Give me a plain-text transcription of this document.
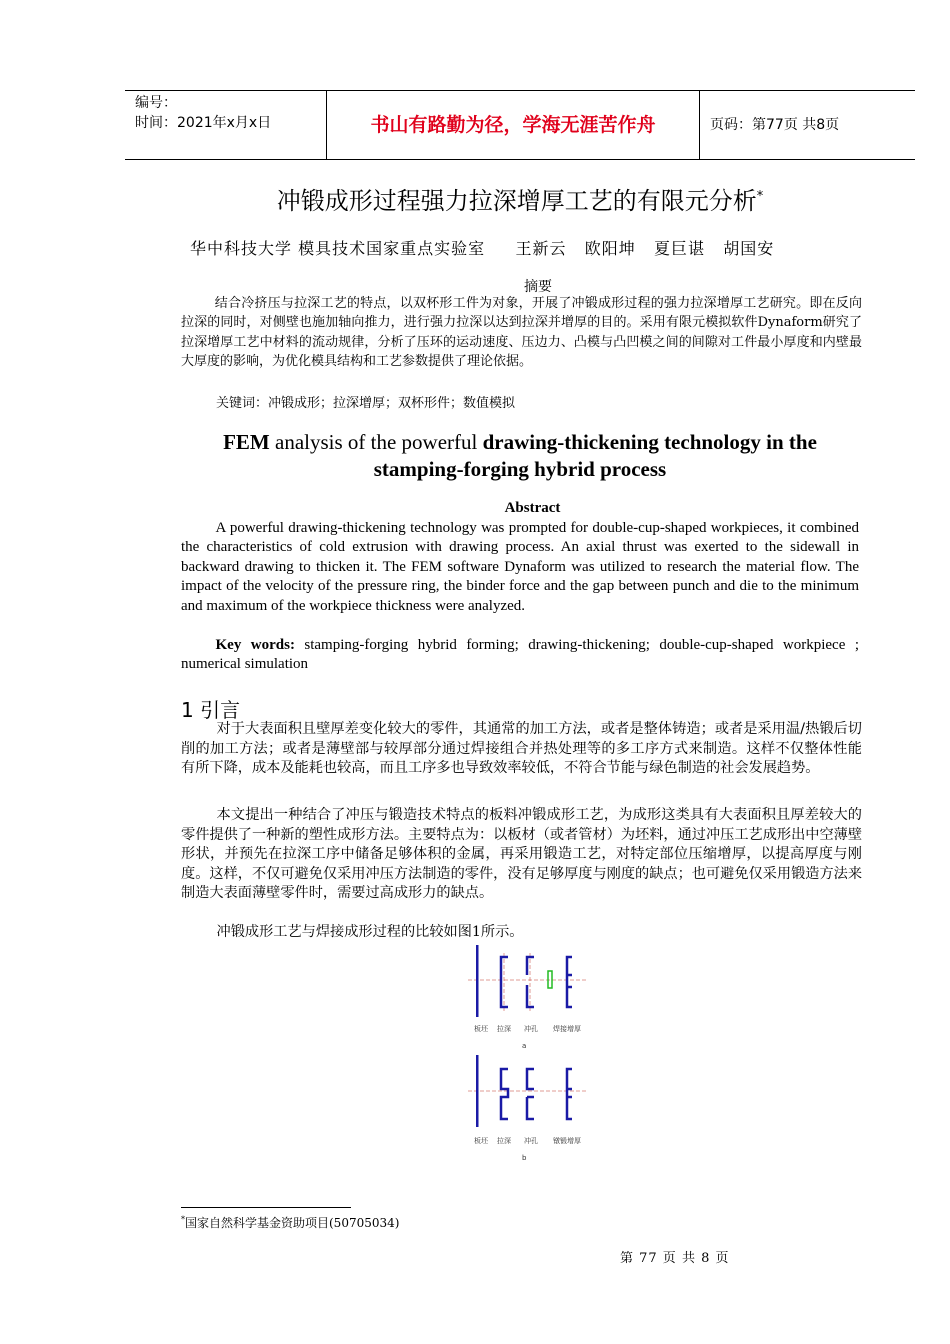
编号：
时间：2021年x月x日	书山有路勤为径，学海无涯苦作舟	页码：第77页 共8页
冲锻成形过程强力拉深增厚工艺的有限元分析*
华中科技大学 模具技术国家重点实验室     王新云   欧阳坤   夏巨谌   胡国安
摘要
结合冷挤压与拉深工艺的特点，以双杯形工件为对象，开展了冲锻成形过程的强力拉深增厚工艺研究。即在反向拉深的同时，对侧壁也施加轴向推力，进行强力拉深以达到拉深并增厚的目的。采用有限元模拟软件Dynaform研究了拉深增厚工艺中材料的流动规律，分析了压环的运动速度、压边力、凸模与凸凹模之间的间隙对工件最小厚度和内壁最大厚度的影响，为优化模具结构和工艺参数提供了理论依据。
关键词：冲锻成形；拉深增厚；双杯形件；数值模拟
FEM analysis of the powerful drawing-thickening technology in the stamping-forging hybrid process
Abstract
A powerful drawing-thickening technology was prompted for double-cup-shaped workpieces, it combined the characteristics of cold extrusion with drawing process. An axial thrust was exerted to the sidewall in backward drawing to thicken it. The FEM software Dynaform was utilized to research the material flow. The impact of the velocity of the pressure ring, the binder force and the gap between punch and die to the minimum and maximum of the workpiece thickness were analyzed.
Key words: stamping-forging hybrid forming; drawing-thickening; double-cup-shaped workpiece ; numerical simulation
1 引言
对于大表面积且壁厚差变化较大的零件，其通常的加工方法，或者是整体铸造；或者是采用温/热锻后切削的加工方法；或者是薄壁部与较厚部分通过焊接组合并热处理等的多工序方式来制造。这样不仅整体性能有所下降，成本及能耗也较高，而且工序多也导致效率较低，不符合节能与绿色制造的社会发展趋势。
本文提出一种结合了冲压与锻造技术特点的板料冲锻成形工艺，为成形这类具有大表面积且厚差较大的零件提供了一种新的塑性成形方法。主要特点为：以板材（或者管材）为坯料，通过冲压工艺成形出中空薄壁形状，并预先在拉深工序中储备足够体积的金属，再采用锻造工艺，对特定部位压缩增厚，以提高厚度与刚度。这样，不仅可避免仅采用冲压方法制造的零件，没有足够厚度与刚度的缺点；也可避免仅采用锻造方法来制造大表面薄壁零件时，需要过高成形力的缺点。
冲锻成形工艺与焊接成形过程的比较如图1所示。
板坯 拉深 冲孔 焊接增厚
a
板坯 拉深 冲孔 镦锻增厚
b
*国家自然科学基金资助项目(50705034)
第 77 页 共 8 页
